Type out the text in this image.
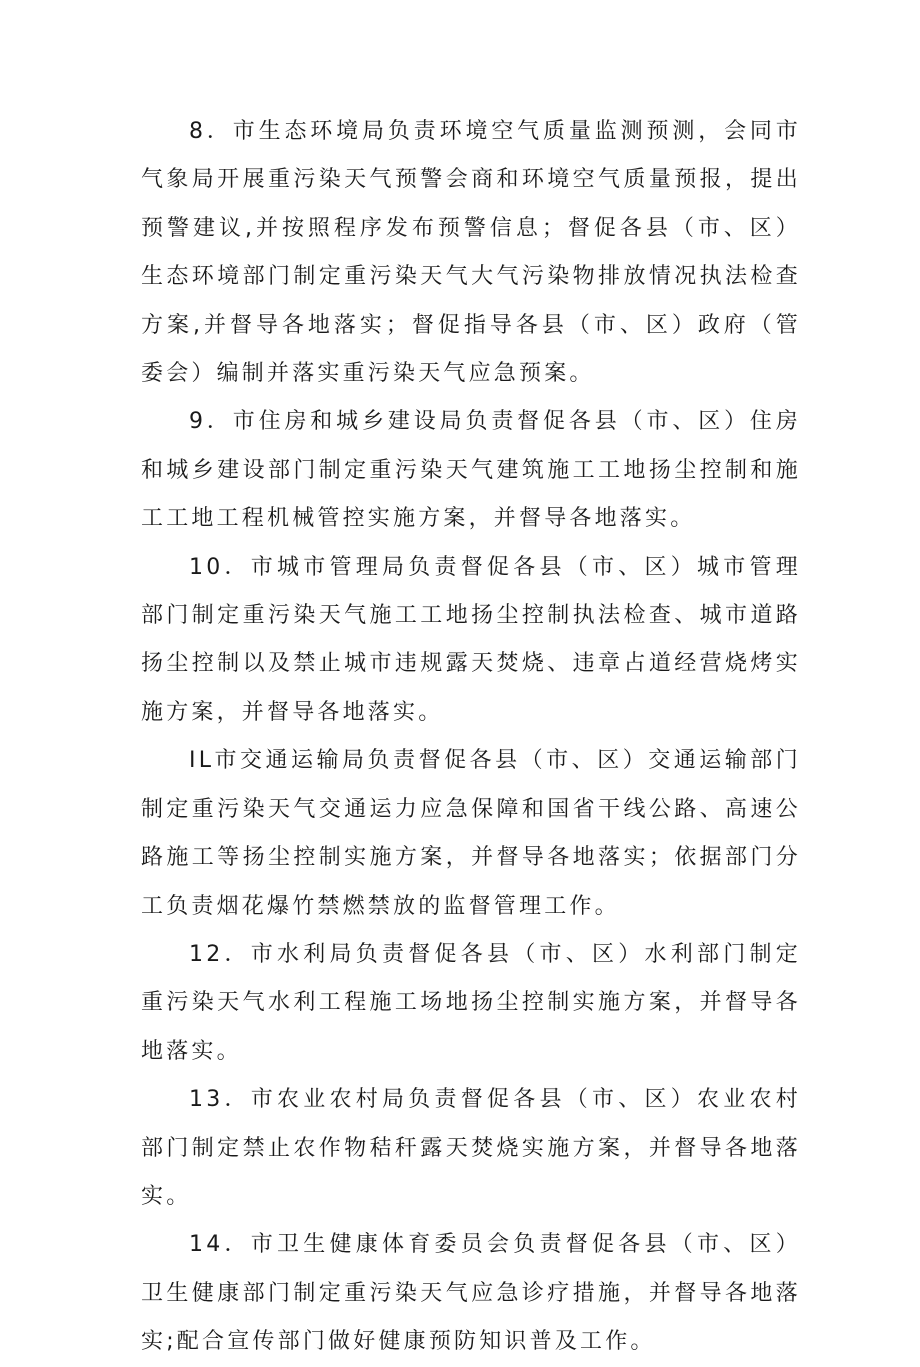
8．市生态环境局负责环境空气质量监测预测，会同市气象局开展重污染天气预警会商和环境空气质量预报，提出预警建议,并按照程序发布预警信息；督促各县（市、区）生态环境部门制定重污染天气大气污染物排放情况执法检查方案,并督导各地落实；督促指导各县（市、区）政府（管委会）编制并落实重污染天气应急预案。

9．市住房和城乡建设局负责督促各县（市、区）住房和城乡建设部门制定重污染天气建筑施工工地扬尘控制和施工工地工程机械管控实施方案，并督导各地落实。

10．市城市管理局负责督促各县（市、区）城市管理部门制定重污染天气施工工地扬尘控制执法检查、城市道路扬尘控制以及禁止城市违规露天焚烧、违章占道经营烧烤实施方案，并督导各地落实。

IL市交通运输局负责督促各县（市、区）交通运输部门制定重污染天气交通运力应急保障和国省干线公路、高速公路施工等扬尘控制实施方案，并督导各地落实；依据部门分工负责烟花爆竹禁燃禁放的监督管理工作。

12．市水利局负责督促各县（市、区）水利部门制定重污染天气水利工程施工场地扬尘控制实施方案，并督导各地落实。

13．市农业农村局负责督促各县（市、区）农业农村部门制定禁止农作物秸秆露天焚烧实施方案，并督导各地落实。

14．市卫生健康体育委员会负责督促各县（市、区）卫生健康部门制定重污染天气应急诊疗措施，并督导各地落实;配合宣传部门做好健康预防知识普及工作。
